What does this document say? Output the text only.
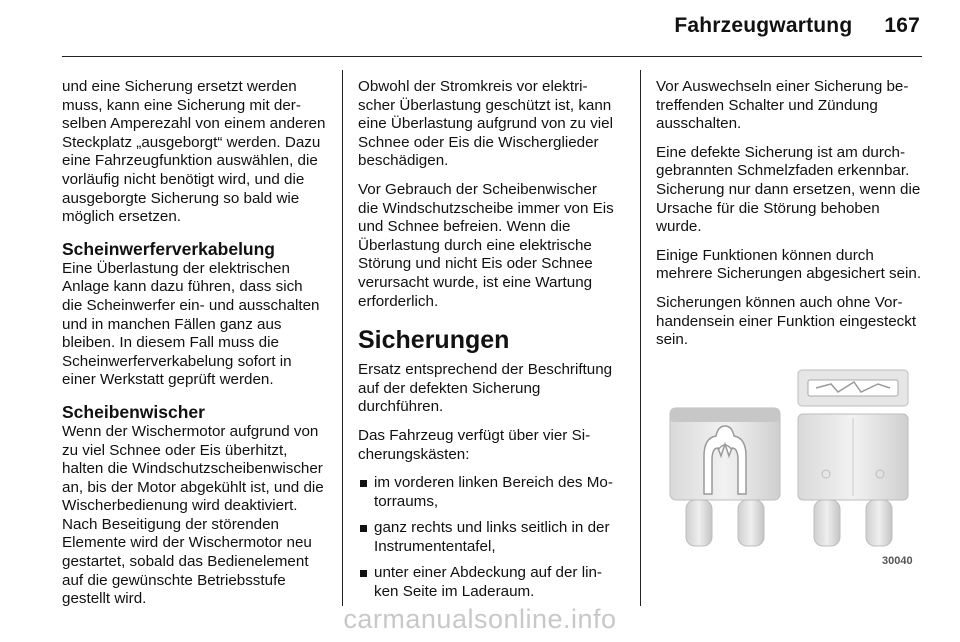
Fahrzeugwartung 167

und eine Sicherung ersetzt werden muss, kann eine Sicherung mit derselben Amperezahl von einem anderen Steckplatz „ausgeborgt“ werden. Dazu eine Fahrzeugfunktion auswählen, die vorläufig nicht benötigt wird, und die ausgeborgte Sicherung so bald wie möglich ersetzen.

Scheinwerferverkabelung

Eine Überlastung der elektrischen Anlage kann dazu führen, dass sich die Scheinwerfer ein- und ausschalten und in manchen Fällen ganz aus bleiben. In diesem Fall muss die Scheinwerferverkabelung sofort in einer Werkstatt geprüft werden.

Scheibenwischer

Wenn der Wischermotor aufgrund von zu viel Schnee oder Eis überhitzt, halten die Windschutzscheibenwischer an, bis der Motor abgekühlt ist, und die Wischerbedienung wird deaktiviert. Nach Beseitigung der störenden Elemente wird der Wischermotor neu gestartet, sobald das Bedienelement auf die gewünschte Betriebsstufe gestellt wird.

Obwohl der Stromkreis vor elektrischer Überlastung geschützt ist, kann eine Überlastung aufgrund von zu viel Schnee oder Eis die Wischerglieder beschädigen.

Vor Gebrauch der Scheibenwischer die Windschutzscheibe immer von Eis und Schnee befreien. Wenn die Überlastung durch eine elektrische Störung und nicht Eis oder Schnee verursacht wurde, ist eine Wartung erforderlich.

Sicherungen

Ersatz entsprechend der Beschriftung auf der defekten Sicherung durchführen.

Das Fahrzeug verfügt über vier Sicherungskästen:

im vorderen linken Bereich des Motorraums,
ganz rechts und links seitlich in der Instrumententafel,
unter einer Abdeckung auf der linken Seite im Laderaum.

Vor Auswechseln einer Sicherung betreffenden Schalter und Zündung ausschalten.

Eine defekte Sicherung ist am durchgebrannten Schmelzfaden erkennbar. Sicherung nur dann ersetzen, wenn die Ursache für die Störung behoben wurde.

Einige Funktionen können durch mehrere Sicherungen abgesichert sein.

Sicherungen können auch ohne Vorhandensein einer Funktion eingesteckt sein.

30040
carmanualsonline.info
